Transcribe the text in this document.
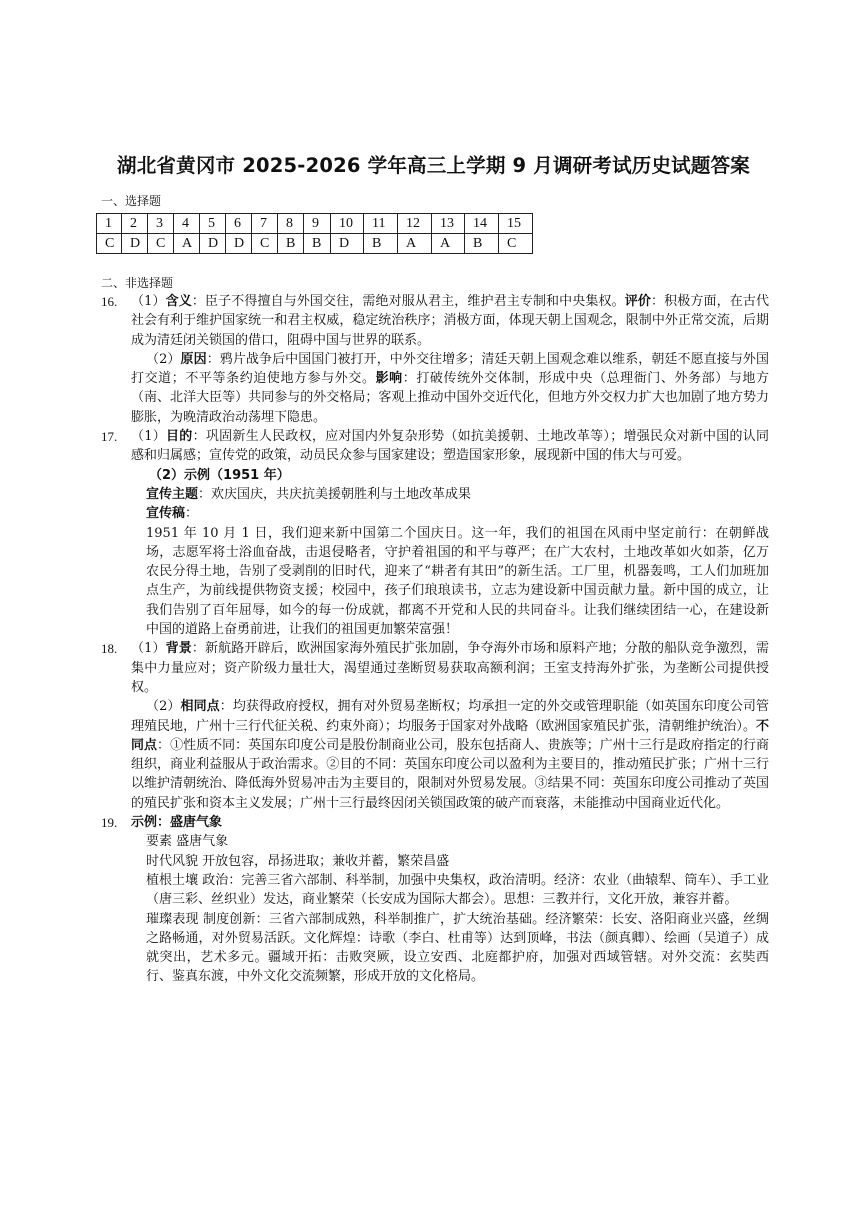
湖北省黄冈市 2025-2026 学年高三上学期 9 月调研考试历史试题答案
一、选择题
1	2	3	4	5	6	7	8	9	10	11	12	13	14	15
C	D	C	A	D	D	C	B	B	D	B	A	A	B	C
二、非选择题
16.	（1）含义：臣子不得擅自与外国交往，需绝对服从君主，维护君主专制和中央集权。评价：积极方面，在古代社会有利于维护国家统一和君主权威，稳定统治秩序；消极方面，体现天朝上国观念，限制中外正常交流，后期成为清廷闭关锁国的借口，阻碍中国与世界的联系。

（2）原因：鸦片战争后中国国门被打开，中外交往增多；清廷天朝上国观念难以维系，朝廷不愿直接与外国打交道；不平等条约迫使地方参与外交。影响：打破传统外交体制，形成中央（总理衙门、外务部）与地方（南、北洋大臣等）共同参与的外交格局；客观上推动中国外交近代化，但地方外交权力扩大也加剧了地方势力膨胀，为晚清政治动荡埋下隐患。

17.	（1）目的：巩固新生人民政权，应对国内外复杂形势（如抗美援朝、土地改革等）；增强民众对新中国的认同感和归属感；宣传党的政策，动员民众参与国家建设；塑造国家形象，展现新中国的伟大与可爱。

（2）示例（1951 年）

宣传主题：欢庆国庆，共庆抗美援朝胜利与土地改革成果

宣传稿：

1951 年 10 月 1 日，我们迎来新中国第二个国庆日。这一年，我们的祖国在风雨中坚定前行：在朝鲜战场，志愿军将士浴血奋战，击退侵略者，守护着祖国的和平与尊严；在广大农村，土地改革如火如荼，亿万农民分得土地，告别了受剥削的旧时代，迎来了“耕者有其田”的新生活。工厂里，机器轰鸣，工人们加班加点生产，为前线提供物资支援；校园中，孩子们琅琅读书，立志为建设新中国贡献力量。新中国的成立，让我们告别了百年屈辱，如今的每一份成就，都离不开党和人民的共同奋斗。让我们继续团结一心，在建设新中国的道路上奋勇前进，让我们的祖国更加繁荣富强！

18.	（1）背景：新航路开辟后，欧洲国家海外殖民扩张加剧，争夺海外市场和原料产地；分散的船队竞争激烈，需集中力量应对；资产阶级力量壮大，渴望通过垄断贸易获取高额利润；王室支持海外扩张，为垄断公司提供授权。

（2）相同点：均获得政府授权，拥有对外贸易垄断权；均承担一定的外交或管理职能（如英国东印度公司管理殖民地，广州十三行代征关税、约束外商）；均服务于国家对外战略（欧洲国家殖民扩张，清朝维护统治）。不同点：①性质不同：英国东印度公司是股份制商业公司，股东包括商人、贵族等；广州十三行是政府指定的行商组织，商业利益服从于政治需求。②目的不同：英国东印度公司以盈利为主要目的，推动殖民扩张；广州十三行以维护清朝统治、降低海外贸易冲击为主要目的，限制对外贸易发展。③结果不同：英国东印度公司推动了英国的殖民扩张和资本主义发展；广州十三行最终因闭关锁国政策的破产而衰落，未能推动中国商业近代化。

19.	示例：盛唐气象

要素 盛唐气象

时代风貌 开放包容，昂扬进取；兼收并蓄，繁荣昌盛

植根土壤 政治：完善三省六部制、科举制，加强中央集权，政治清明。经济：农业（曲辕犁、筒车）、手工业（唐三彩、丝织业）发达，商业繁荣（长安成为国际大都会）。思想：三教并行，文化开放，兼容并蓄。

璀璨表现 制度创新：三省六部制成熟，科举制推广，扩大统治基础。经济繁荣：长安、洛阳商业兴盛，丝绸之路畅通，对外贸易活跃。文化辉煌：诗歌（李白、杜甫等）达到顶峰，书法（颜真卿）、绘画（吴道子）成就突出，艺术多元。疆域开拓：击败突厥，设立安西、北庭都护府，加强对西域管辖。对外交流：玄奘西行、鉴真东渡，中外文化交流频繁，形成开放的文化格局。
